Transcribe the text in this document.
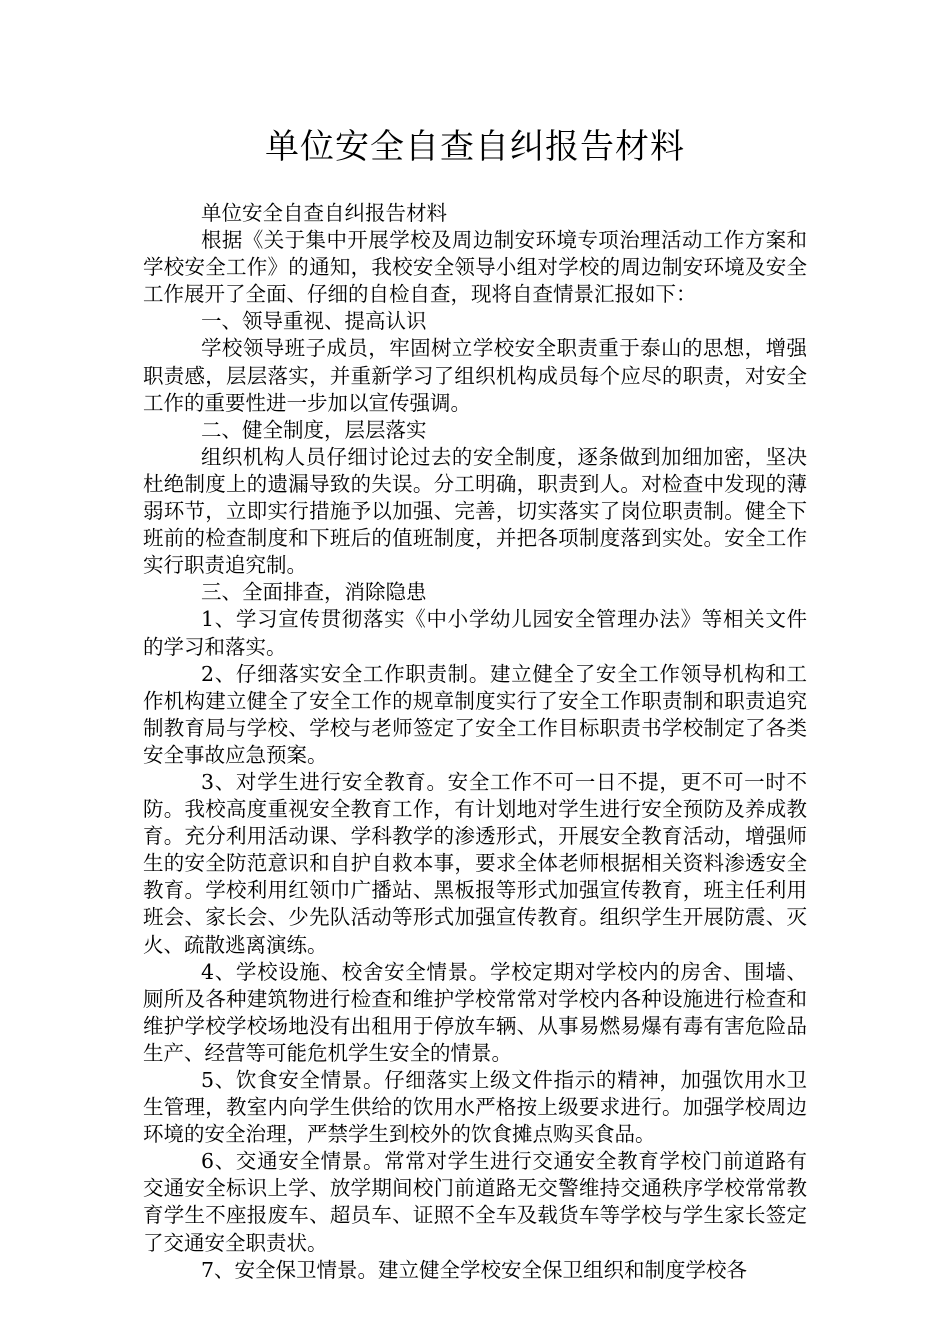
单位安全自查自纠报告材料

单位安全自查自纠报告材料

根据《关于集中开展学校及周边制安环境专项治理活动工作方案和学校安全工作》的通知，我校安全领导小组对学校的周边制安环境及安全工作展开了全面、仔细的自检自查，现将自查情景汇报如下：

一、领导重视、提高认识

学校领导班子成员，牢固树立学校安全职责重于泰山的思想，增强职责感，层层落实，并重新学习了组织机构成员每个应尽的职责，对安全工作的重要性进一步加以宣传强调。

二、健全制度，层层落实

组织机构人员仔细讨论过去的安全制度，逐条做到加细加密，坚决杜绝制度上的遗漏导致的失误。分工明确，职责到人。对检查中发现的薄弱环节，立即实行措施予以加强、完善，切实落实了岗位职责制。健全下班前的检查制度和下班后的值班制度，并把各项制度落到实处。安全工作实行职责追究制。

三、全面排查，消除隐患

1、学习宣传贯彻落实《中小学幼儿园安全管理办法》等相关文件的学习和落实。

2、仔细落实安全工作职责制。建立健全了安全工作领导机构和工作机构建立健全了安全工作的规章制度实行了安全工作职责制和职责追究制教育局与学校、学校与老师签定了安全工作目标职责书学校制定了各类安全事故应急预案。

3、对学生进行安全教育。安全工作不可一日不提，更不可一时不防。我校高度重视安全教育工作，有计划地对学生进行安全预防及养成教育。充分利用活动课、学科教学的渗透形式，开展安全教育活动，增强师生的安全防范意识和自护自救本事，要求全体老师根据相关资料渗透安全教育。学校利用红领巾广播站、黑板报等形式加强宣传教育，班主任利用班会、家长会、少先队活动等形式加强宣传教育。组织学生开展防震、灭火、疏散逃离演练。

4、学校设施、校舍安全情景。学校定期对学校内的房舍、围墙、厕所及各种建筑物进行检查和维护学校常常对学校内各种设施进行检查和维护学校学校场地没有出租用于停放车辆、从事易燃易爆有毒有害危险品生产、经营等可能危机学生安全的情景。

5、饮食安全情景。仔细落实上级文件指示的精神，加强饮用水卫生管理，教室内向学生供给的饮用水严格按上级要求进行。加强学校周边环境的安全治理，严禁学生到校外的饮食摊点购买食品。

6、交通安全情景。常常对学生进行交通安全教育学校门前道路有交通安全标识上学、放学期间校门前道路无交警维持交通秩序学校常常教育学生不座报废车、超员车、证照不全车及载货车等学校与学生家长签定了交通安全职责状。

7、安全保卫情景。建立健全学校安全保卫组织和制度学校各
